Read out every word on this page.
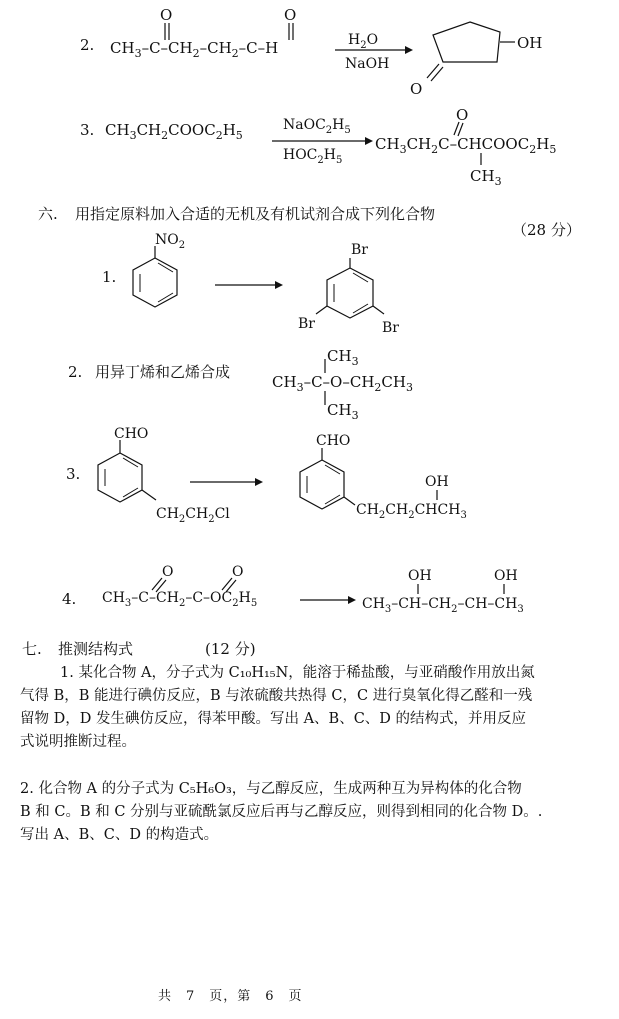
2. $CH_3-C-CH_2-CH_2-C-H$
O	O
$H_2O$
NaOH
OH
O
3. $CH_3CH_2COOC_2H_5$
$NaOC_2H_5$
$HOC_2H_5$
$CH_3CH_2C-CHCOOC_2H_5$
O
$CH_3$
六. 用指定原料加入合适的无机及有机试剂合成下列化合物
（28 分）
1.
$NO_2$	Br
Br	Br
2. 用异丁烯和乙烯合成
$CH_3-C-O-CH_2CH_3$
$CH_3$
$CH_3$
3.
CHO
$CH_2CH_2Cl$
CHO
$CH_2CH_2CHCH_3$
OH
4. $CH_3-C-CH_2-C-OC_2H_5$
O	O
$CH_3-CH-CH_2-CH-CH_3$
OH	OH
七. 推测结构式	(12 分)
1. 某化合物 A，分子式为 C₁₀H₁₅N，能溶于稀盐酸，与亚硝酸作用放出氮
气得 B，B 能进行碘仿反应，B 与浓硫酸共热得 C，C 进行臭氧化得乙醛和一残
留物 D，D 发生碘仿反应，得苯甲酸。写出 A、B、C、D 的结构式，并用反应
式说明推断过程。
2. 化合物 A 的分子式为 C₅H₆O₃，与乙醇反应，生成两种互为异构体的化合物
B 和 C。B 和 C 分别与亚硫酰氯反应后再与乙醇反应，则得到相同的化合物 D。.
写出 A、B、C、D 的构造式。
共　7　页，第　6　页
